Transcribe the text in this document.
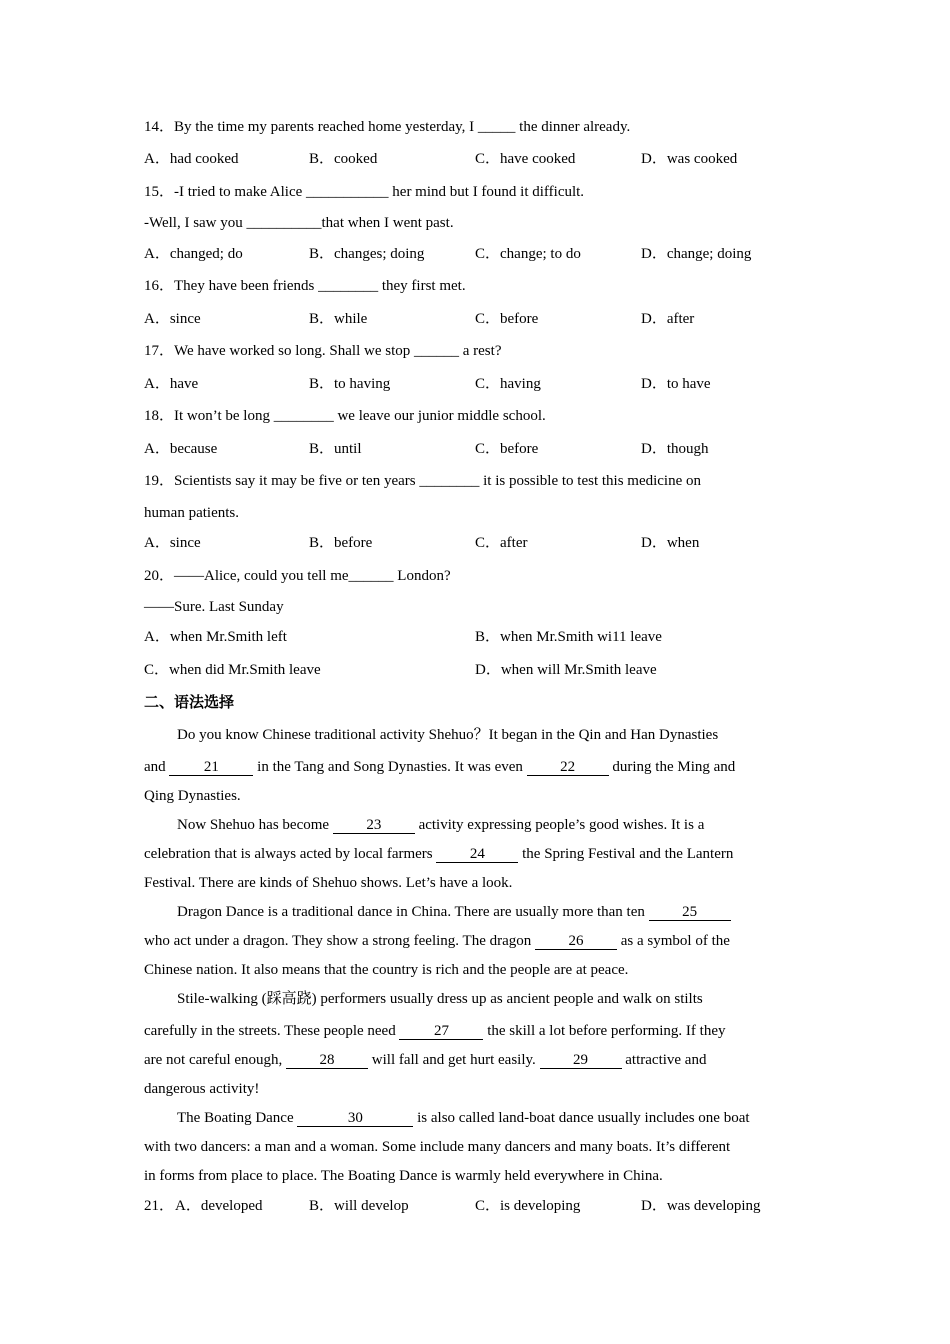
14．By the time my parents reached home yesterday, I _____ the dinner already.
A．had cooked	B．cooked	C．have cooked	D．was cooked
15．-I tried to make Alice ___________ her mind but I found it difficult.
-Well, I saw you __________that when I went past.
A．changed; do	B．changes; doing	C．change; to do	D．change; doing
16．They have been friends ________ they first met.
A．since	B．while	C．before	D．after
17．We have worked so long. Shall we stop ______ a rest?
A．have	B．to having	C．having	D．to have
18．It won’t be long ________ we leave our junior middle school.
A．because	B．until	C．before	D．though
19．Scientists say it may be five or ten years ________ it is possible to test this medicine on
human patients.
A．since	B．before	C．after	D．when
20．——Alice, could you tell me______ London?
——Sure. Last Sunday
A．when Mr.Smith left	B．when Mr.Smith wi11 leave
C．when did Mr.Smith leave	D．when will Mr.Smith leave
二、语法选择
Do you know Chinese traditional activity Shehuo？It began in the Qin and Han Dynasties
and 21 in the Tang and Song Dynasties. It was even 22 during the Ming and
Qing Dynasties.
Now Shehuo has become 23 activity expressing people’s good wishes. It is a
celebration that is always acted by local farmers 24 the Spring Festival and the Lantern
Festival. There are kinds of Shehuo shows. Let’s have a look.
Dragon Dance is a traditional dance in China. There are usually more than ten 25
who act under a dragon. They show a strong feeling. The dragon 26 as a symbol of the
Chinese nation. It also means that the country is rich and the people are at peace.
Stile-walking (踩高跷) performers usually dress up as ancient people and walk on stilts
carefully in the streets. These people need 27 the skill a lot before performing. If they
are not careful enough, 28 will fall and get hurt easily. 29 attractive and
dangerous activity!
The Boating Dance	30	is also called land-boat dance usually includes one boat
with two dancers: a man and a woman. Some include many dancers and many boats. It’s different
in forms from place to place. The Boating Dance is warmly held everywhere in China.
21． A．developed	B．will develop	C．is developing	D．was developing
